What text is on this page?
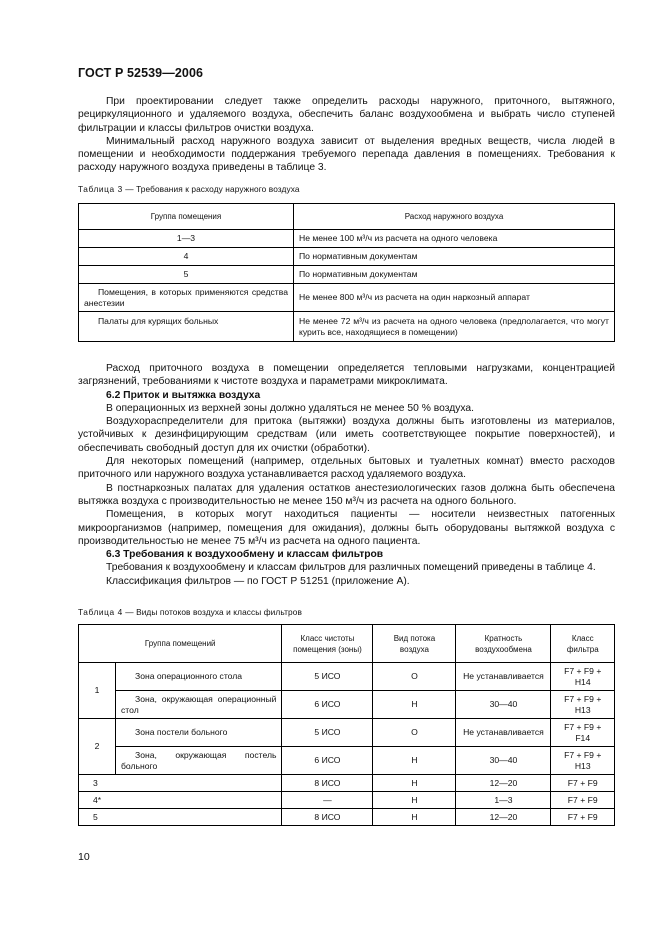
ГОСТ Р 52539—2006

При проектировании следует также определить расходы наружного, приточного, вытяжного, рециркуляционного и удаляемого воздуха, обеспечить баланс воздухообмена и выбрать число ступеней фильтрации и классы фильтров очистки воздуха.

Минимальный расход наружного воздуха зависит от выделения вредных веществ, числа людей в помещении и необходимости поддержания требуемого перепада давления в помещениях. Требования к расходу наружного воздуха приведены в таблице 3.

Таблица 3 — Требования к расходу наружного воздуха
Группа помещения	Расход наружного воздуха
1—3	Не менее 100 м³/ч из расчета на одного человека
4	По нормативным документам
5	По нормативным документам
Помещения, в которых применяются средства анестезии	Не менее 800 м³/ч из расчета на один наркозный аппарат
Палаты для курящих больных	Не менее 72 м³/ч из расчета на одного человека (предполагается, что могут курить все, находящиеся в помещении)

Расход приточного воздуха в помещении определяется тепловыми нагрузками, концентрацией загрязнений, требованиями к чистоте воздуха и параметрами микроклимата.

6.2 Приток и вытяжка воздуха

В операционных из верхней зоны должно удаляться не менее 50 % воздуха.

Воздухораспределители для притока (вытяжки) воздуха должны быть изготовлены из материалов, устойчивых к дезинфицирующим средствам (или иметь соответствующее покрытие поверхностей), и обеспечивать свободный доступ для их очистки (обработки).

Для некоторых помещений (например, отдельных бытовых и туалетных комнат) вместо расходов приточного или наружного воздуха устанавливается расход удаляемого воздуха.

В постнаркозных палатах для удаления остатков анестезиологических газов должна быть обеспечена вытяжка воздуха с производительностью не менее 150 м³/ч из расчета на одного больного.

Помещения, в которых могут находиться пациенты — носители неизвестных патогенных микроорганизмов (например, помещения для ожидания), должны быть оборудованы вытяжкой воздуха с производительностью не менее 75 м³/ч из расчета на одного пациента.

6.3 Требования к воздухообмену и классам фильтров

Требования к воздухообмену и классам фильтров для различных помещений приведены в таблице 4.

Классификация фильтров — по ГОСТ Р 51251 (приложение А).

Таблица 4 — Виды потоков воздуха и классы фильтров
Группа помещений		Класс чистоты помещения (зоны)	Вид потока воздуха	Кратность воздухообмена	Класс фильтра
1	Зона операционного стола	5 ИСО	О	Не устанавливается	F7 + F9 + H14
	Зона, окружающая операционный стол	6 ИСО	Н	30—40	F7 + F9 + H13
2	Зона постели больного	5 ИСО	О	Не устанавливается	F7 + F9 + F14
	Зона, окружающая постель больного	6 ИСО	Н	30—40	F7 + F9 + H13
3		8 ИСО	Н	12—20	F7 + F9
4*		—	Н	1—3	F7 + F9
5		8 ИСО	Н	12—20	F7 + F9
10
